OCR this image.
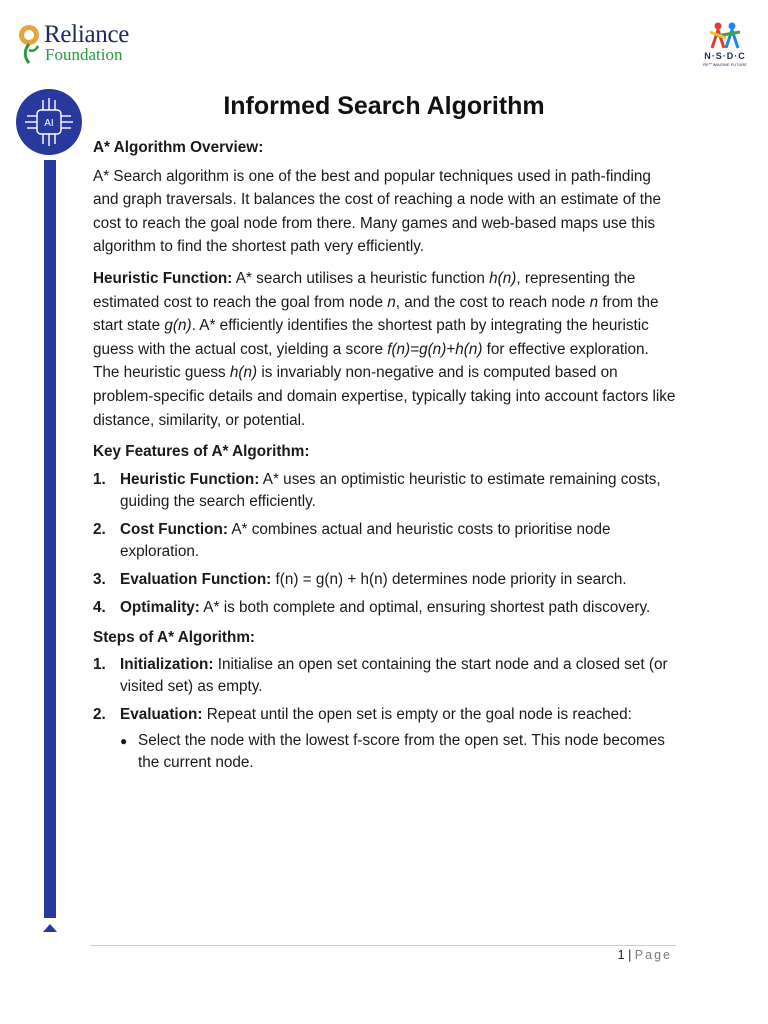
Reliance
Foundation	N·S·D·C
RE℠IMAGINE FUTURE
AI
Informed Search Algorithm
A* Algorithm Overview:

A* Search algorithm is one of the best and popular techniques used in path-finding and graph traversals. It balances the cost of reaching a node with an estimate of the cost to reach the goal node from there. Many games and web-based maps use this algorithm to find the shortest path very efficiently.

Heuristic Function: A* search utilises a heuristic function h(n), representing the estimated cost to reach the goal from node n, and the cost to reach node n from the start state g(n). A* efficiently identifies the shortest path by integrating the heuristic guess with the actual cost, yielding a score f(n)=g(n)+h(n) for effective exploration. The heuristic guess h(n) is invariably non-negative and is computed based on problem-specific details and domain expertise, typically taking into account factors like distance, similarity, or potential.

Key Features of A* Algorithm:
1. Heuristic Function: A* uses an optimistic heuristic to estimate remaining costs, guiding the search efficiently.
2. Cost Function: A* combines actual and heuristic costs to prioritise node exploration.
3. Evaluation Function: f(n) = g(n) + h(n) determines node priority in search.
4. Optimality: A* is both complete and optimal, ensuring shortest path discovery.
Steps of A* Algorithm:
1. Initialization: Initialise an open set containing the start node and a closed set (or visited set) as empty.
2. Evaluation: Repeat until the open set is empty or the goal node is reached:
● Select the node with the lowest f-score from the open set. This node becomes the current node.
1 | Page
